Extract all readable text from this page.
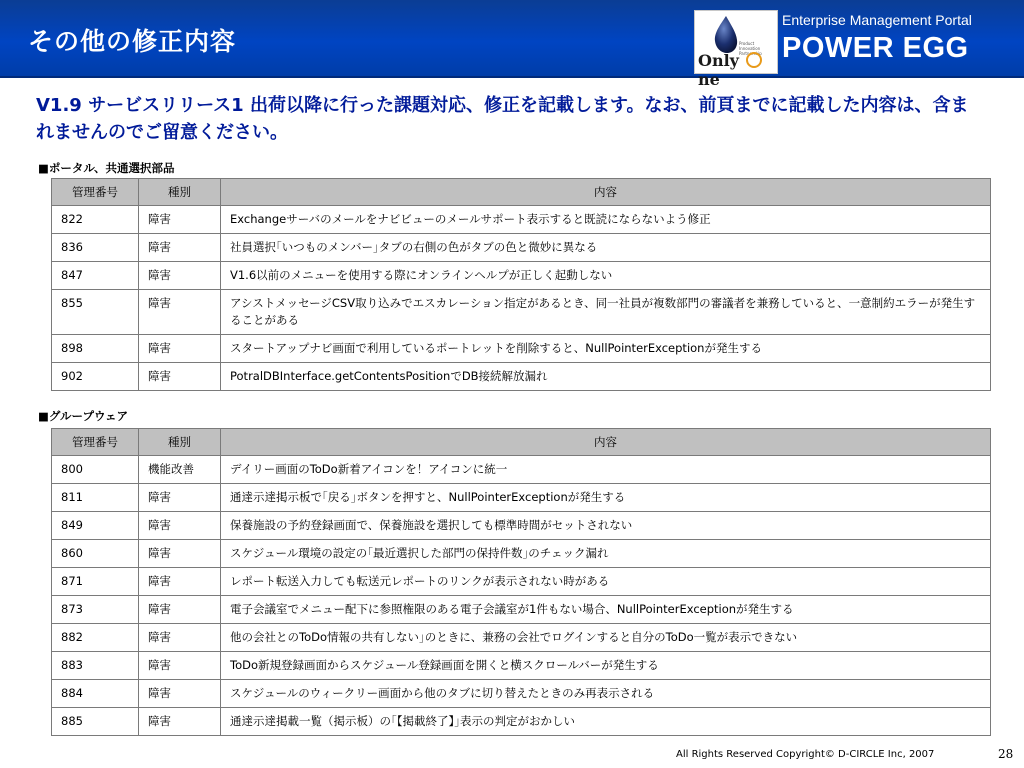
その他の修正内容	Product Innovation Partnership
Only ne
Enterprise Management Portal
POWER EGG
V1.9 サービスリリース1 出荷以降に行った課題対応、修正を記載します。なお、前頁までに記載した内容は、含まれませんのでご留意ください。
■ポータル、共通選択部品
管理番号	種別	内容
822	障害	Exchangeサーバのメールをナビビューのメールサポート表示すると既読にならないよう修正
836	障害	社員選択｢いつものメンバー｣タブの右側の色がタブの色と微妙に異なる
847	障害	V1.6以前のメニューを使用する際にオンラインヘルプが正しく起動しない
855	障害	アシストメッセージCSV取り込みでエスカレーション指定があるとき、同一社員が複数部門の審議者を兼務していると、一意制約エラーが発生することがある
898	障害	スタートアップナビ画面で利用しているポートレットを削除すると、NullPointerExceptionが発生する
902	障害	PotralDBInterface.getContentsPositionでDB接続解放漏れ
■グループウェア
管理番号	種別	内容
800	機能改善	デイリー画面のToDo新着アイコンを！アイコンに統一
811	障害	通達示達掲示板で｢戻る｣ボタンを押すと、NullPointerExceptionが発生する
849	障害	保養施設の予約登録画面で、保養施設を選択しても標準時間がセットされない
860	障害	スケジュール環境の設定の｢最近選択した部門の保持件数｣のチェック漏れ
871	障害	レポート転送入力しても転送元レポートのリンクが表示されない時がある
873	障害	電子会議室でメニュー配下に参照権限のある電子会議室が1件もない場合、NullPointerExceptionが発生する
882	障害	他の会社とのToDo情報の共有しない｣のときに、兼務の会社でログインすると自分のToDo一覧が表示できない
883	障害	ToDo新規登録画面からスケジュール登録画面を開くと横スクロールバーが発生する
884	障害	スケジュールのウィークリー画面から他のタブに切り替えたときのみ再表示される
885	障害	通達示達掲載一覧（掲示板）の｢【掲載終了】｣表示の判定がおかしい
All Rights Reserved Copyright© D-CIRCLE Inc, 2007	28
